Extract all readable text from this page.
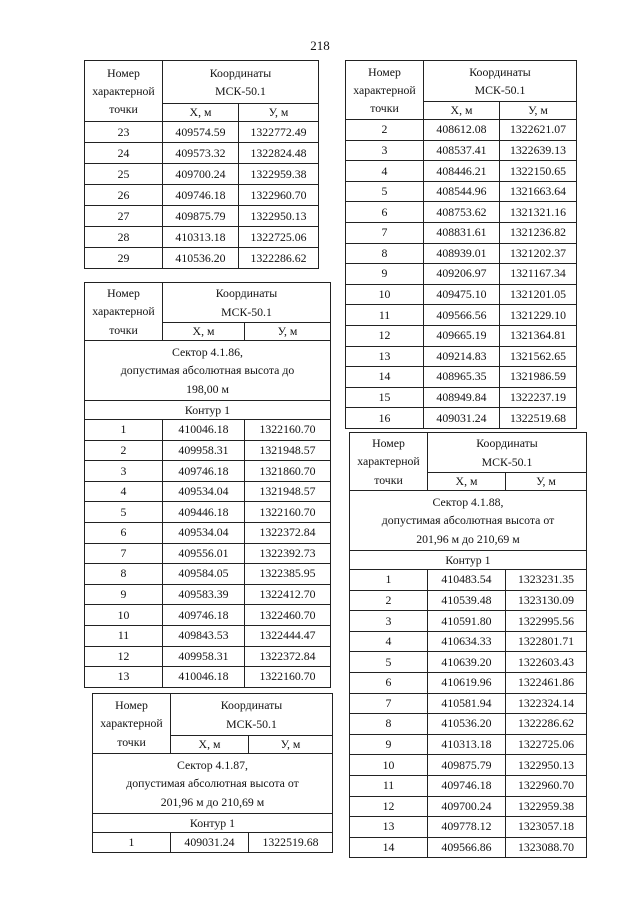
218
Номер
характерной
точки	Координаты
МСК-50.1	
	Х, м	У, м
23	409574.59	1322772.49
24	409573.32	1322824.48
25	409700.24	1322959.38
26	409746.18	1322960.70
27	409875.79	1322950.13
28	410313.18	1322725.06
29	410536.20	1322286.62
Номер
характерной
точки	Координаты
МСК-50.1	
	Х, м	У, м
2	408612.08	1322621.07
3	408537.41	1322639.13
4	408446.21	1322150.65
5	408544.96	1321663.64
6	408753.62	1321321.16
7	408831.61	1321236.82
8	408939.01	1321202.37
9	409206.97	1321167.34
10	409475.10	1321201.05
11	409566.56	1321229.10
12	409665.19	1321364.81
13	409214.83	1321562.65
14	408965.35	1321986.59
15	408949.84	1322237.19
16	409031.24	1322519.68
Номер
характерной
точки	Координаты
МСК-50.1	
	Х, м	У, м
Сектор 4.1.86,
допустимая абсолютная высота до
198,00 м		
Контур 1		
1	410046.18	1322160.70
2	409958.31	1321948.57
3	409746.18	1321860.70
4	409534.04	1321948.57
5	409446.18	1322160.70
6	409534.04	1322372.84
7	409556.01	1322392.73
8	409584.05	1322385.95
9	409583.39	1322412.70
10	409746.18	1322460.70
11	409843.53	1322444.47
12	409958.31	1322372.84
13	410046.18	1322160.70
Номер
характерной
точки	Координаты
МСК-50.1	
	Х, м	У, м
Сектор 4.1.87,
допустимая абсолютная высота от
201,96 м до 210,69 м		
Контур 1		
1	409031.24	1322519.68
Номер
характерной
точки	Координаты
МСК-50.1	
	Х, м	У, м
Сектор 4.1.88,
допустимая абсолютная высота от
201,96 м до 210,69 м		
Контур 1		
1	410483.54	1323231.35
2	410539.48	1323130.09
3	410591.80	1322995.56
4	410634.33	1322801.71
5	410639.20	1322603.43
6	410619.96	1322461.86
7	410581.94	1322324.14
8	410536.20	1322286.62
9	410313.18	1322725.06
10	409875.79	1322950.13
11	409746.18	1322960.70
12	409700.24	1322959.38
13	409778.12	1323057.18
14	409566.86	1323088.70
